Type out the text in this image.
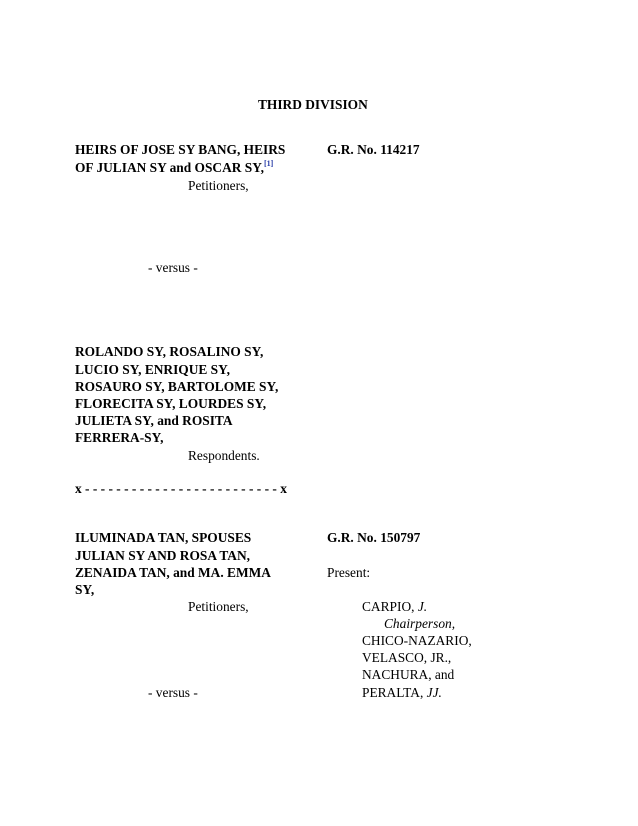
THIRD DIVISION
HEIRS OF JOSE SY BANG, HEIRS
OF JULIAN SY and OSCAR SY,[1]
Petitioners,
G.R. No. 114217
- versus -
ROLANDO SY, ROSALINO SY,
LUCIO SY, ENRIQUE SY,
ROSAURO SY, BARTOLOME SY,
FLORECITA SY, LOURDES SY,
JULIETA SY, and ROSITA
FERRERA-SY,
Respondents.
x - - - - - - - - - - - - - - - - - - - - - - - - - x
ILUMINADA TAN, SPOUSES
JULIAN SY AND ROSA TAN,
ZENAIDA TAN, and MA. EMMA
SY,
Petitioners,
G.R. No. 150797
Present:
CARPIO, J.
Chairperson,
CHICO-NAZARIO,
VELASCO, JR.,
NACHURA, and
PERALTA, JJ.
- versus -
